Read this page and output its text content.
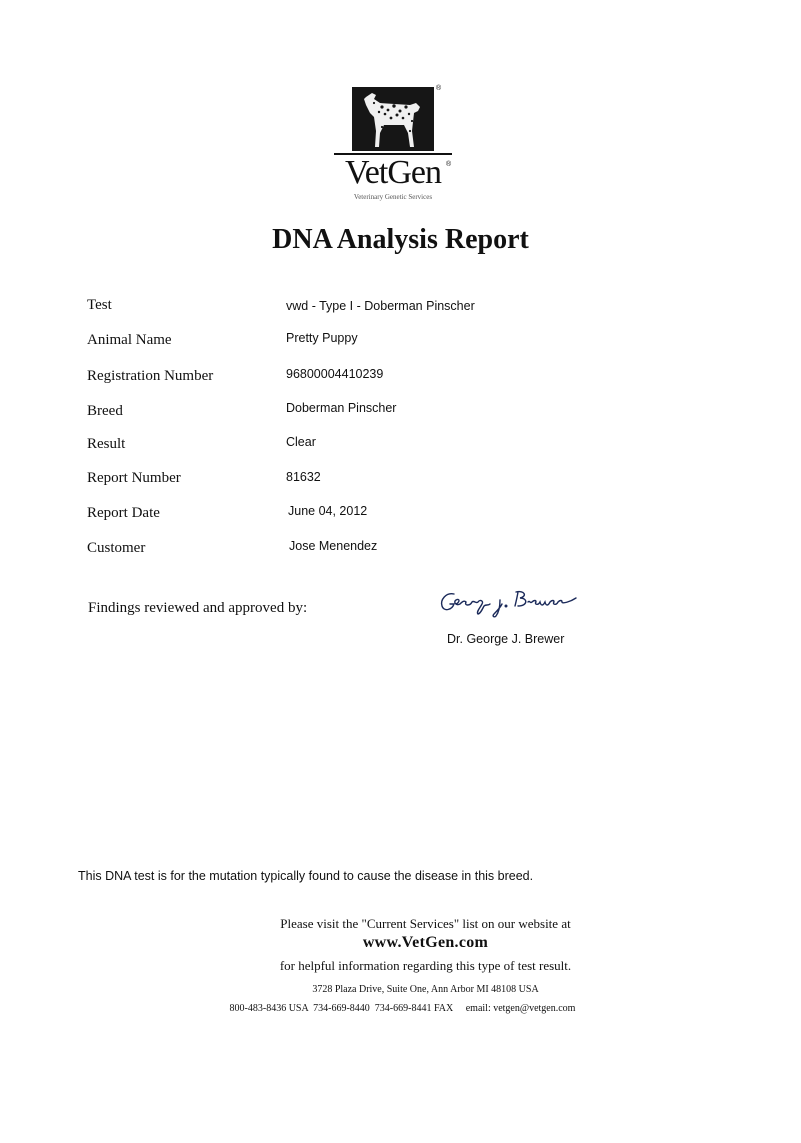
®
VetGen ®
Veterinary Genetic Services
DNA Analysis Report
Test	vwd - Type I - Doberman Pinscher
Animal Name	Pretty Puppy
Registration Number	96800004410239
Breed	Doberman Pinscher
Result	Clear
Report Number	81632
Report Date	June 04, 2012
Customer	Jose Menendez
Findings reviewed and approved by:
Dr. George J. Brewer
This DNA test is for the mutation typically found to cause the disease in this breed.
Please visit the "Current Services" list on our website at
www.VetGen.com
for helpful information regarding this type of test result.
3728 Plaza Drive, Suite One, Ann Arbor MI 48108 USA
800-483-8436 USA  734-669-8440  734-669-8441 FAX     email: vetgen@vetgen.com
